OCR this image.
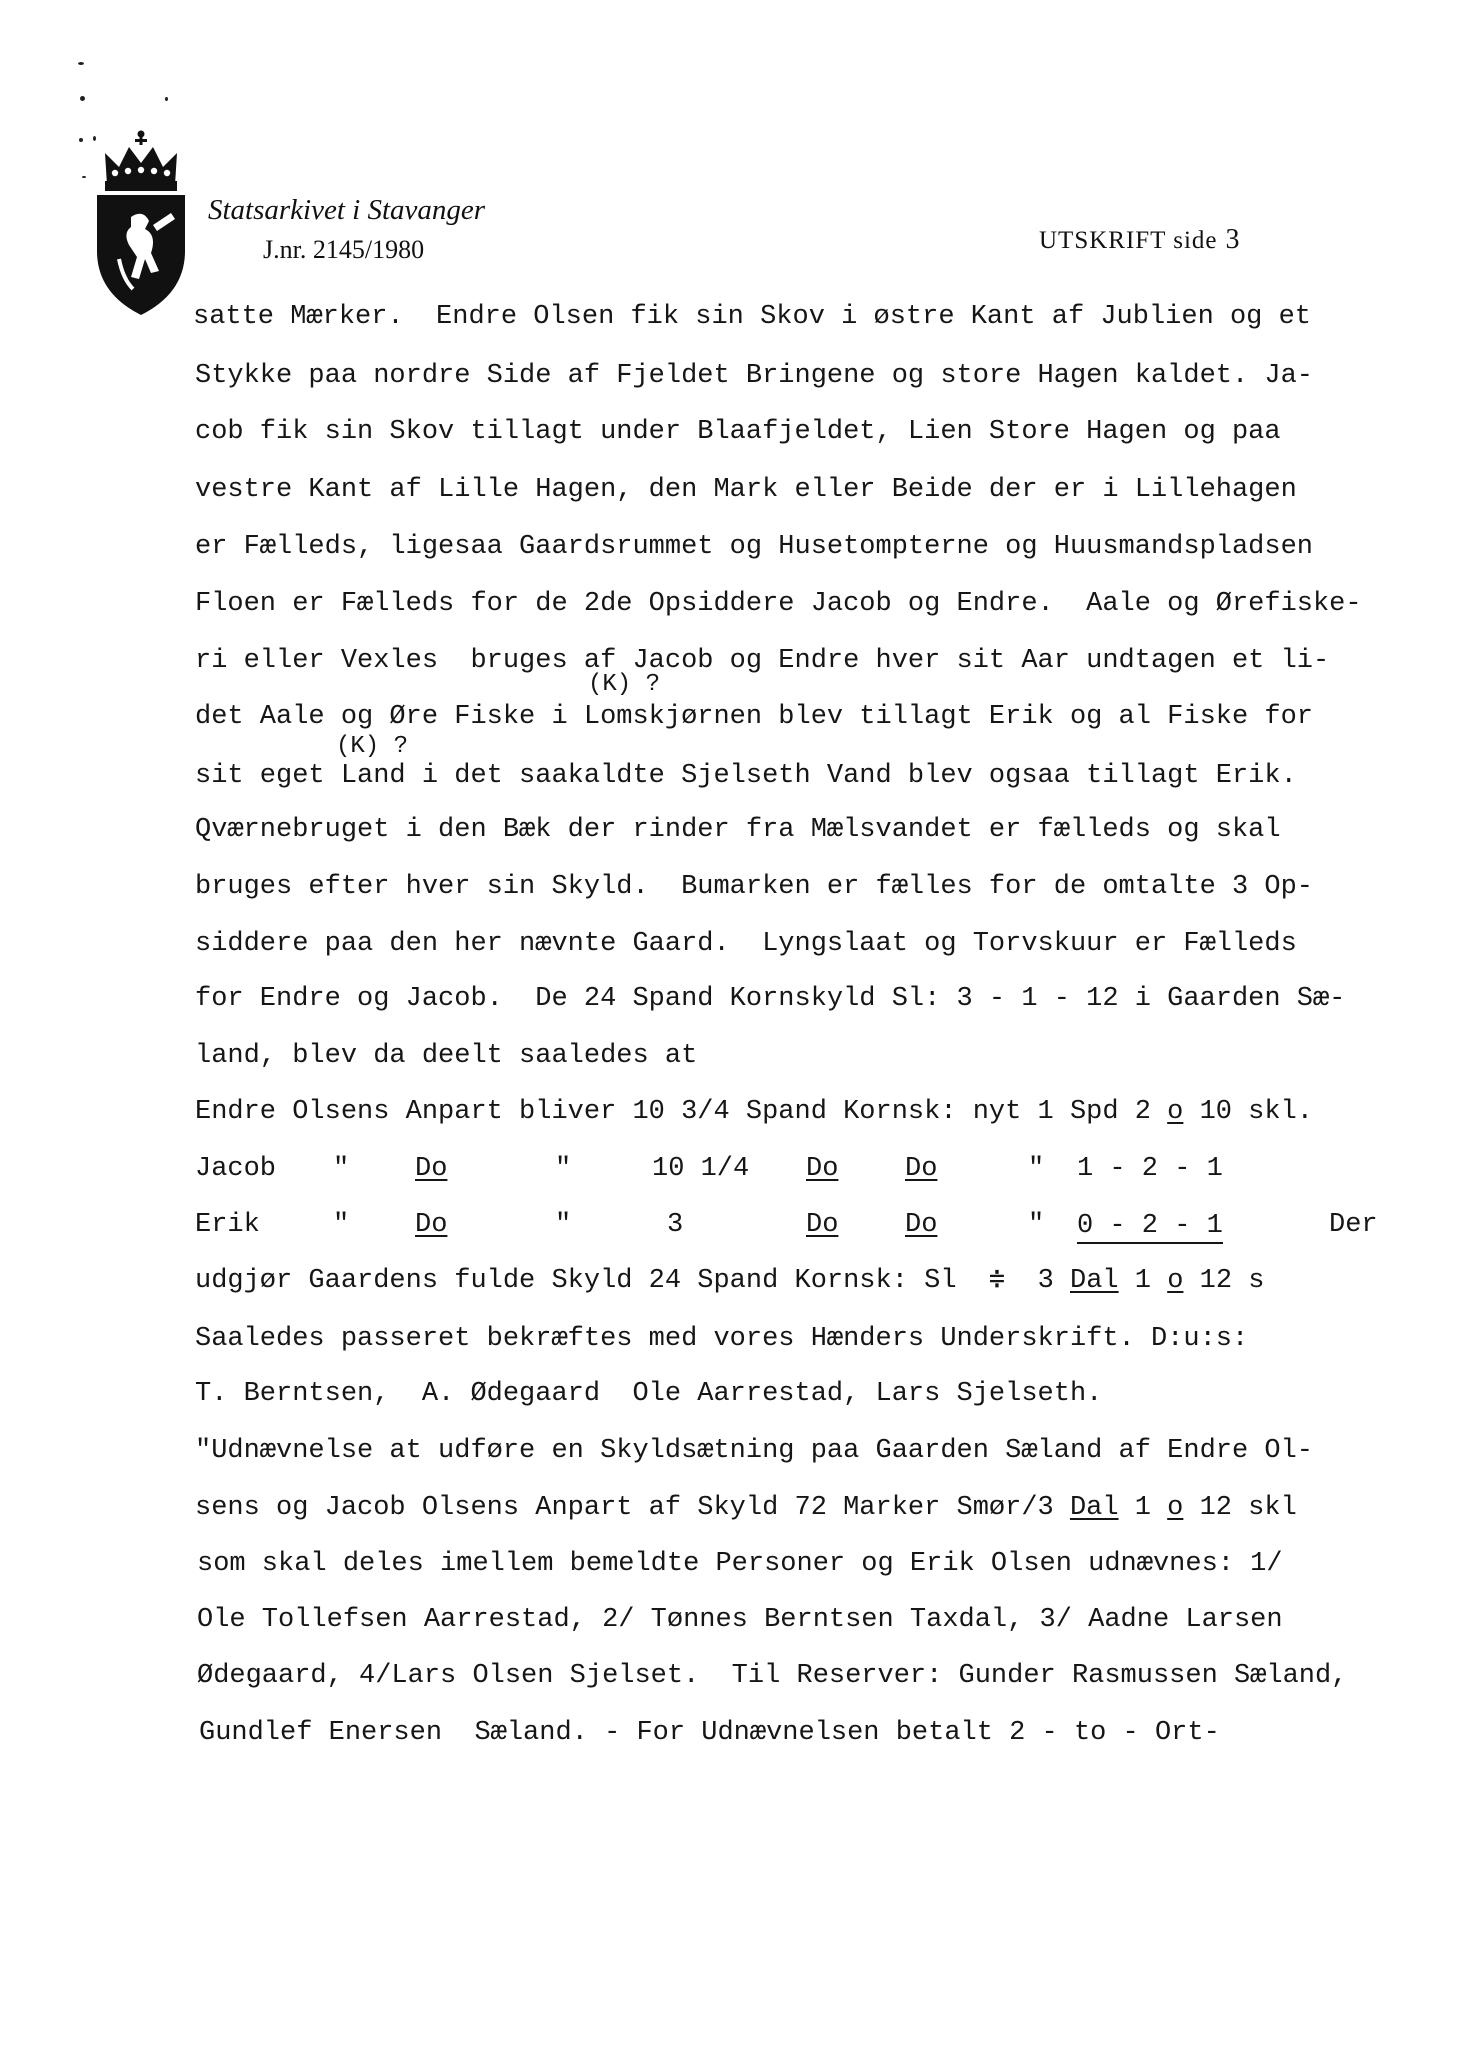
Statsarkivet i Stavanger
J.nr. 2145/1980	UTSKRIFT side 3

satte Mærker.  Endre Olsen fik sin Skov i østre Kant af Jublien og et

Stykke paa nordre Side af Fjeldet Bringene og store Hagen kaldet. Ja-

cob fik sin Skov tillagt under Blaafjeldet, Lien Store Hagen og paa

vestre Kant af Lille Hagen, den Mark eller Beide der er i Lillehagen

er Fælleds, ligesaa Gaardsrummet og Husetompterne og Huusmandspladsen

Floen er Fælleds for de 2de Opsiddere Jacob og Endre.  Aale og Ørefiske-

ri eller Vexles  bruges af Jacob og Endre hver sit Aar undtagen et li-

(K) ?

det Aale og Øre Fiske i Lomskjørnen blev tillagt Erik og al Fiske for

(K) ?

sit eget Land i det saakaldte Sjelseth Vand blev ogsaa tillagt Erik.

Qværnebruget i den Bæk der rinder fra Mælsvandet er fælleds og skal

bruges efter hver sin Skyld.  Bumarken er fælles for de omtalte 3 Op-

siddere paa den her nævnte Gaard.  Lyngslaat og Torvskuur er Fælleds

for Endre og Jacob.  De 24 Spand Kornskyld Sl: 3 - 1 - 12 i Gaarden Sæ-

land, blev da deelt saaledes at

Endre Olsens Anpart bliver 10 3/4 Spand Kornsk: nyt 1 Spd 2 o 10 skl.

Jacob " Do	"	10 1/4 Do Do	" 1 - 2 - 1

Erik	" Do	"	3	Do Do	" 0 - 2 - 1	Der

udgjør Gaardens fulde Skyld 24 Spand Kornsk: Sl  ≑  3 Dal 1 o 12 s

Saaledes passeret bekræftes med vores Hænders Underskrift. D:u:s:

T. Berntsen,  A. Ødegaard  Ole Aarrestad, Lars Sjelseth.

"Udnævnelse at udføre en Skyldsætning paa Gaarden Sæland af Endre Ol-

sens og Jacob Olsens Anpart af Skyld 72 Marker Smør/3 Dal 1 o 12 skl

som skal deles imellem bemeldte Personer og Erik Olsen udnævnes: 1/

Ole Tollefsen Aarrestad, 2/ Tønnes Berntsen Taxdal, 3/ Aadne Larsen

Ødegaard, 4/Lars Olsen Sjelset.  Til Reserver: Gunder Rasmussen Sæland,

Gundlef Enersen  Sæland. - For Udnævnelsen betalt 2 - to - Ort-
